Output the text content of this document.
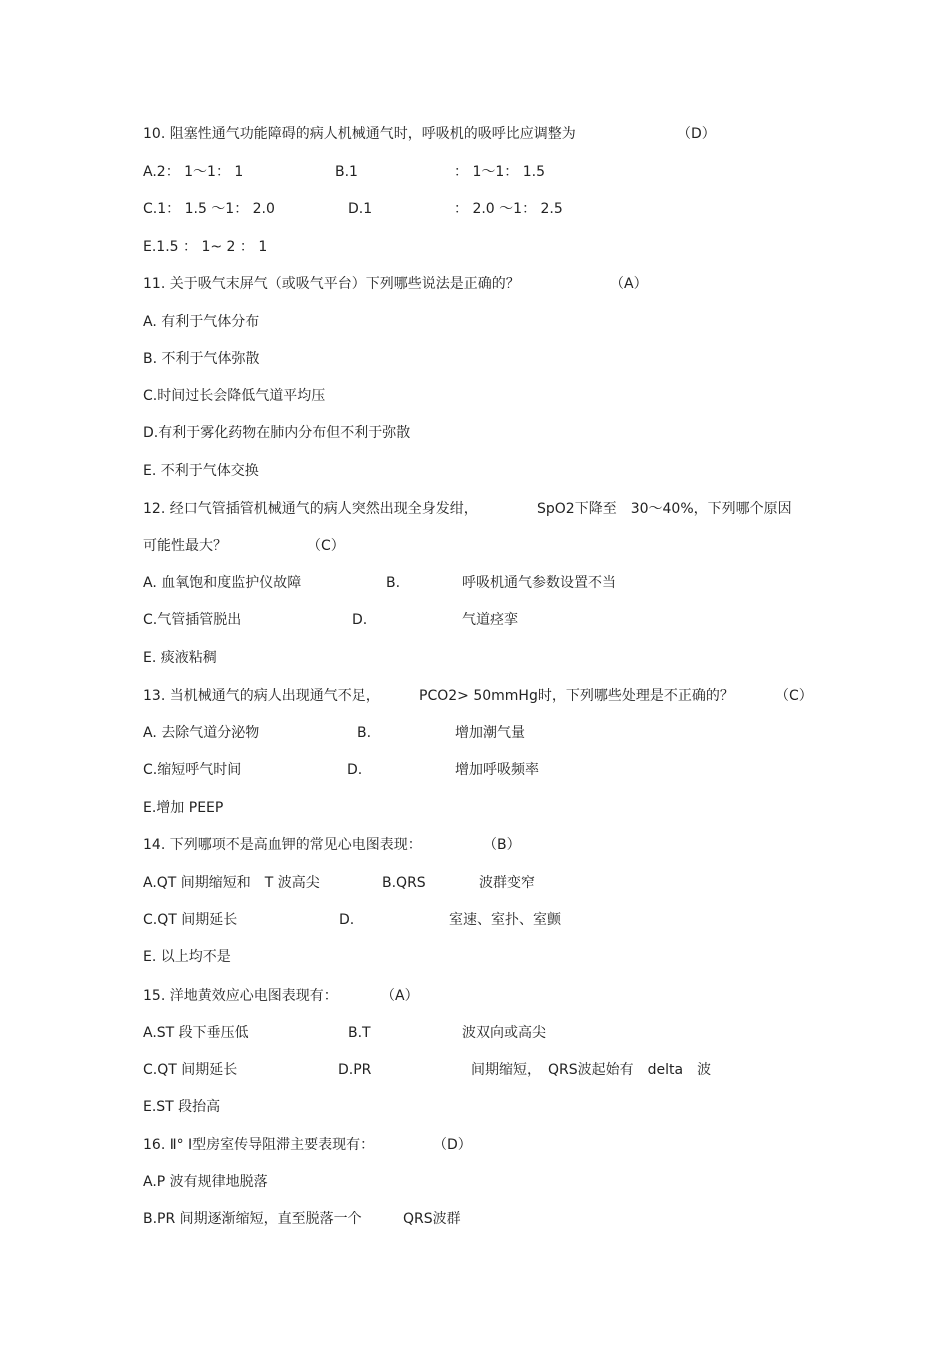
10. 阻塞性通气功能障碍的病人机械通气时，呼吸机的吸呼比应调整为	（D）
A.2： 1～1： 1	B.1	： 1～1： 1.5
C.1： 1.5 ～1： 2.0	D.1	： 2.0 ～1： 2.5
E.1.5 ： 1~ 2 ： 1
11. 关于吸气末屏气（或吸气平台）下列哪些说法是正确的？	（A）
A. 有利于气体分布
B. 不利于气体弥散
C.时间过长会降低气道平均压
D.有利于雾化药物在肺内分布但不利于弥散
E. 不利于气体交换
12. 经口气管插管机械通气的病人突然出现全身发绀，	SpO2下降至　30～40%，下列哪个原因
可能性最大？	（C）
A. 血氧饱和度监护仪故障	B.	呼吸机通气参数设置不当
C.气管插管脱出	D.	气道痉挛
E. 痰液粘稠
13. 当机械通气的病人出现通气不足，	PCO2> 50mmHg时，下列哪些处理是不正确的？	（C）
A. 去除气道分泌物	B.	增加潮气量
C.缩短呼气时间	D.	增加呼吸频率
E.增加 PEEP
14. 下列哪项不是高血钾的常见心电图表现：	（B）
A.QT 间期缩短和　T 波高尖	B.QRS	波群变窄
C.QT 间期延长	D.	室速、室扑、室颤
E. 以上均不是
15. 洋地黄效应心电图表现有：	（A）
A.ST 段下垂压低	B.T	波双向或高尖
C.QT 间期延长	D.PR	间期缩短，　QRS波起始有　delta　波
E.ST 段抬高
16. Ⅱ° Ⅰ型房室传导阻滞主要表现有：	（D）
A.P 波有规律地脱落
B.PR 间期逐渐缩短，直至脱落一个	QRS波群
